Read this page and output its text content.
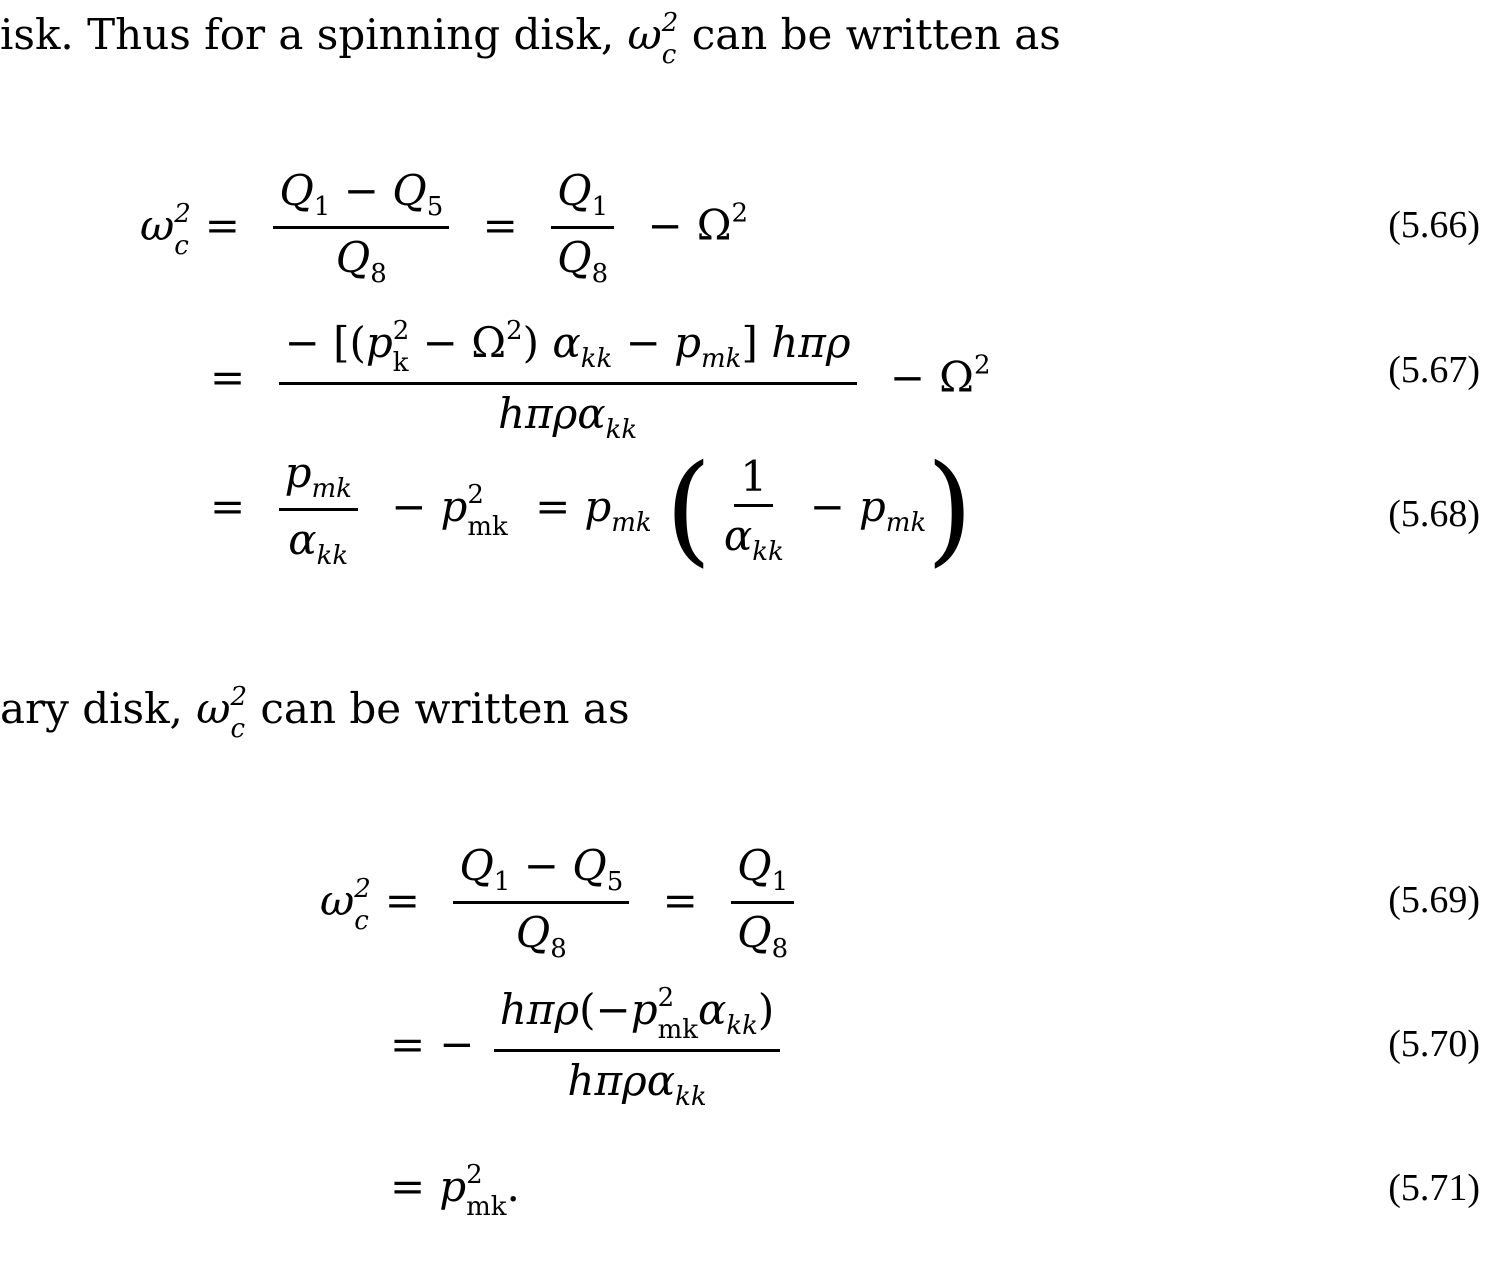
isk. Thus for a spinning disk, ω 2
c can be written as
ω 2
$c = \frac{Q_1 - Q_5}{Q_8} = \frac{Q_1}{Q_8} - \Omega^2$	(5.66)
= − [(p 2
$k - \Omega^2$) $\alpha_{kk} - p_{mk}$] hπρ
$h\pi\rho\alpha_{kk} - \Omega^2$	(5.67)
= $\frac{p_{mk}}{\alpha_{kk}} - p$ 2
mk = $p_{mk}$ ( $\frac{1}{\alpha_{kk}} - p_{mk}$)	(5.68)
ary disk, ω 2
c can be written as
ω 2
$c = \frac{Q_1 - Q_5}{Q_8} = \frac{Q_1}{Q_8}$	(5.69)
= − hπρ(−p 2
mk $\alpha_{kk}$)
hπρα$_{kk}$	(5.70)
= p 2
mk .	(5.71)
